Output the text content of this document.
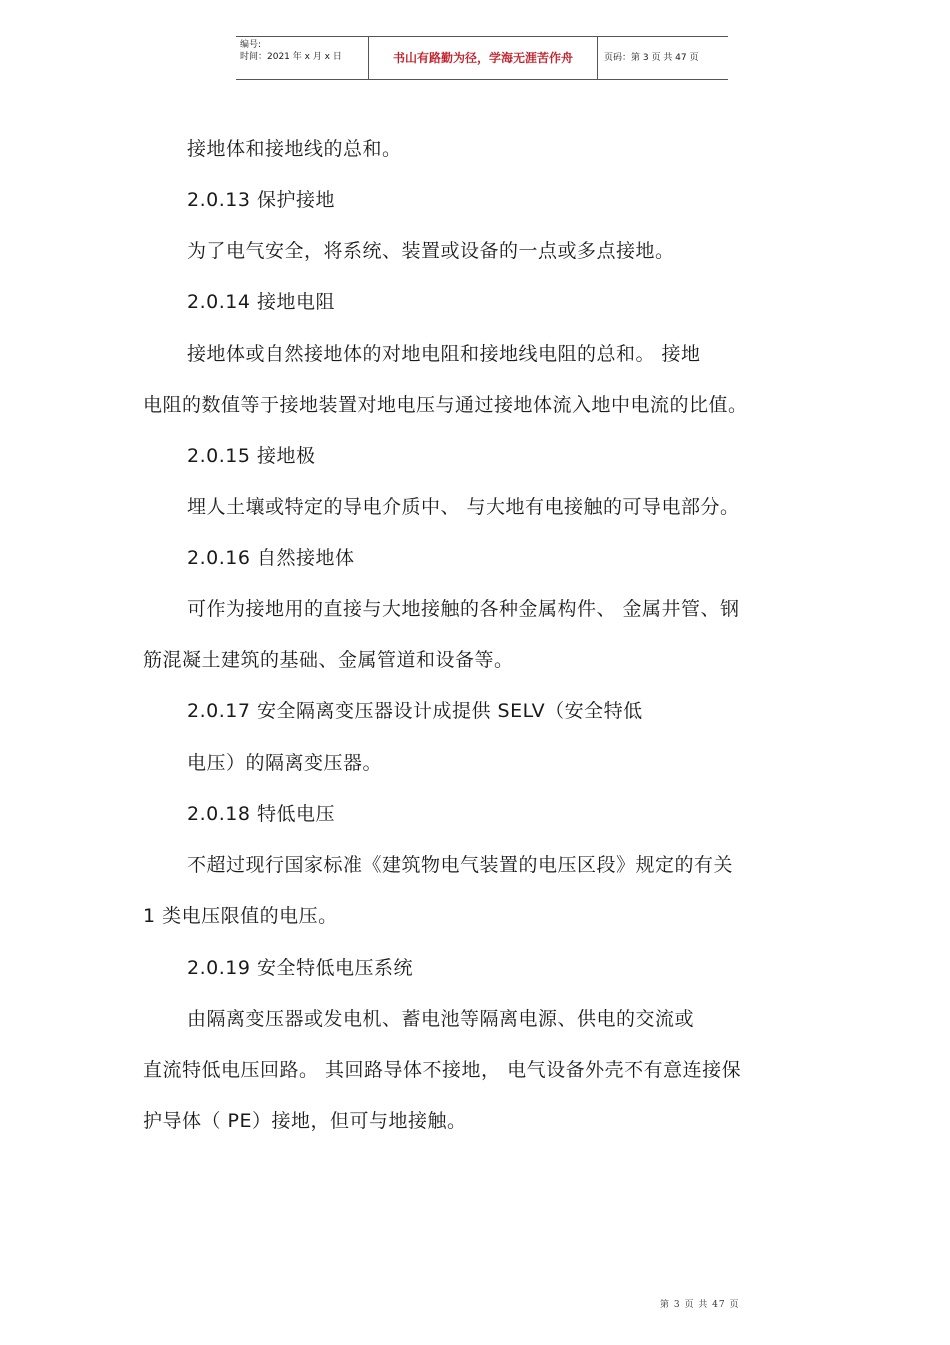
编号:
时间：2021 年 x 月 x 日	书山有路勤为径，学海无涯苦作舟	页码：第 3 页 共 47 页
接地体和接地线的总和。
2.0.13 保护接地
为了电气安全，将系统、装置或设备的一点或多点接地。
2.0.14 接地电阻
接地体或自然接地体的对地电阻和接地线电阻的总和。 接地
电阻的数值等于接地装置对地电压与通过接地体流入地中电流的比值。
2.0.15 接地极
埋人土壤或特定的导电介质中、 与大地有电接触的可导电部分。
2.0.16 自然接地体
可作为接地用的直接与大地接触的各种金属构件、 金属井管、钢
筋混凝土建筑的基础、金属管道和设备等。
2.0.17 安全隔离变压器设计成提供 SELV（安全特低
电压）的隔离变压器。
2.0.18 特低电压
不超过现行国家标准《建筑物电气装置的电压区段》规定的有关
1 类电压限值的电压。
2.0.19 安全特低电压系统
由隔离变压器或发电机、蓄电池等隔离电源、供电的交流或
直流特低电压回路。 其回路导体不接地， 电气设备外壳不有意连接保
护导体（ PE）接地，但可与地接触。
第 3 页 共 47 页
